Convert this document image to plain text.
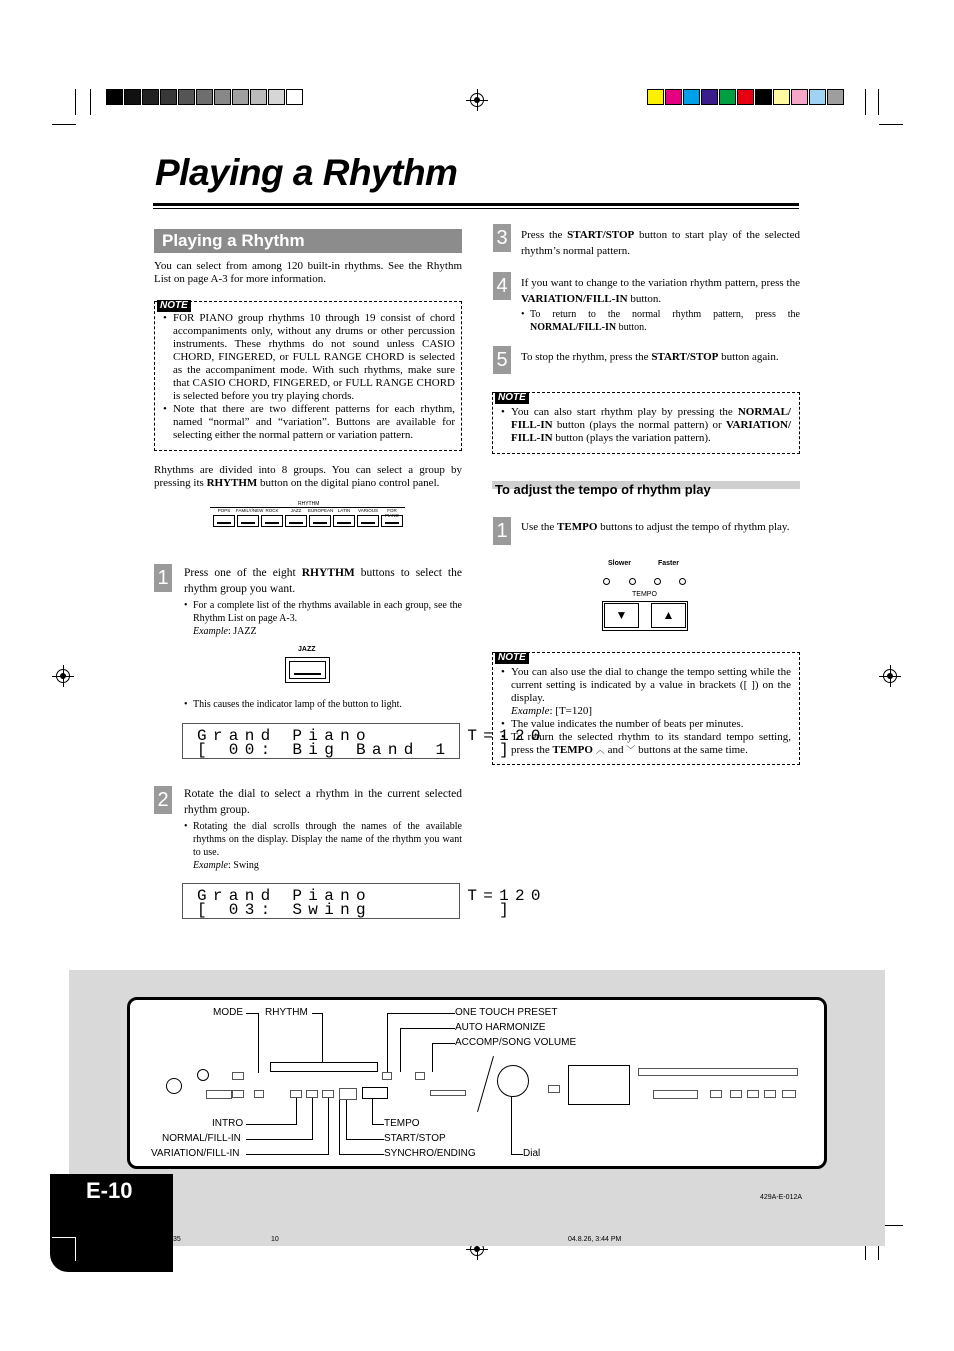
Playing a Rhythm
Playing a Rhythm
You can select from among 120 built-in rhythms. See the Rhythm List on page A-3 for more information.
NOTE
• FOR PIANO group rhythms 10 through 19 consist of chord accompaniments only, without any drums or other percussion instruments. These rhythms do not sound unless CASIO CHORD, FINGERED, or FULL RANGE CHORD is selected as the accompaniment mode. With such rhythms, make sure that CASIO CHORD, FINGERED, or FULL RANGE CHORD is selected before you try playing chords.
• Note that there are two different patterns for each rhythm, named “normal” and “variation”. Buttons are available for selecting either the normal pattern or variation pattern.
Rhythms are divided into 8 groups. You can select a group by pressing its RHYTHM button on the digital piano control panel.
RHYTHM
POPS	FAMILY/NEW ROCK	JAZZ	EUROPEAN	LATIN	VARIOUS	FOR PIANO
1 Press one of the eight RHYTHM buttons to select the rhythm group you want.
• For a complete list of the rhythms available in each group, see the Rhythm List on page A-3.
Example: JAZZ
JAZZ
• This causes the indicator lamp of the button to light.
Grand Piano      T=120
[ 00: Big Band 1   ]
2 Rotate the dial to select a rhythm in the current selected rhythm group.
• Rotating the dial scrolls through the names of the available rhythms on the display. Display the name of the rhythm you want to use.
Example: Swing
Grand Piano      T=120
[ 03: Swing        ]
3	Press the START/STOP button to start play of the selected rhythm’s normal pattern.
4	If you want to change to the variation rhythm pattern, press the VARIATION/FILL-IN button.
• To return to the normal rhythm pattern, press the NORMAL/FILL-IN button.
5	To stop the rhythm, press the START/STOP button again.
NOTE
• You can also start rhythm play by pressing the NORMAL/ FILL-IN button (plays the normal pattern) or VARIATION/ FILL-IN button (plays the variation pattern).
To adjust the tempo of rhythm play
1	Use the TEMPO buttons to adjust the tempo of rhythm play.
Slower	Faster
TEMPO
▼	▲
NOTE
• You can also use the dial to change the tempo setting while the current setting is indicated by a value in brackets ([ ]) on the display.
Example: [T=120]
• The value indicates the number of beats per minutes.
• To return the selected rhythm to its standard tempo setting, press the TEMPO ︿ and ﹀ buttons at the same time.
MODE RHYTHM	ONE TOUCH PRESET
AUTO HARMONIZE
ACCOMP/SONG VOLUME
INTRO
NORMAL/FILL-IN
VARIATION/FILL-IN
TEMPO
START/STOP
SYNCHRO/ENDING	Dial
E-10	429A-E-012A
35	10	04.8.26, 3:44 PM
